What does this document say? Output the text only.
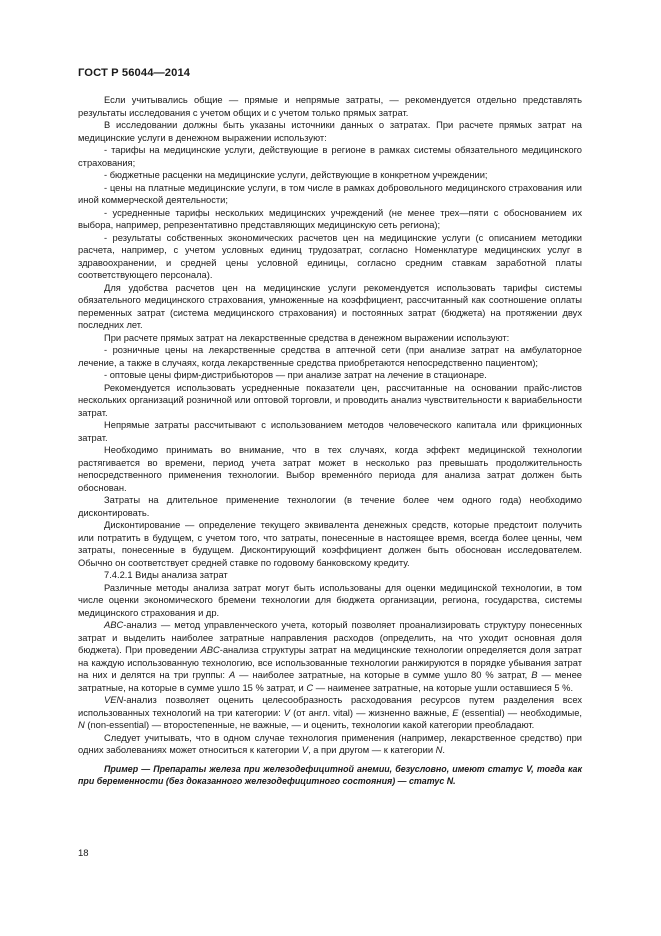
ГОСТ Р 56044—2014

Если учитывались общие — прямые и непрямые затраты, — рекомендуется отдельно представлять результаты исследования с учетом общих и с учетом только прямых затрат.

В исследовании должны быть указаны источники данных о затратах. При расчете прямых затрат на медицинские услуги в денежном выражении используют:

- тарифы на медицинские услуги, действующие в регионе в рамках системы обязательного медицинского страхования;

- бюджетные расценки на медицинские услуги, действующие в конкретном учреждении;

- цены на платные медицинские услуги, в том числе в рамках добровольного медицинского страхования или иной коммерческой деятельности;

- усредненные тарифы нескольких медицинских учреждений (не менее трех—пяти с обоснованием их выбора, например, репрезентативно представляющих медицинскую сеть региона);

- результаты собственных экономических расчетов цен на медицинские услуги (с описанием методики расчета, например, с учетом условных единиц трудозатрат, согласно Номенклатуре медицинских услуг в здравоохранении, и средней цены условной единицы, согласно средним ставкам заработной платы соответствующего персонала).

Для удобства расчетов цен на медицинские услуги рекомендуется использовать тарифы системы обязательного медицинского страхования, умноженные на коэффициент, рассчитанный как соотношение оплаты переменных затрат (система медицинского страхования) и постоянных затрат (бюджета) на протяжении двух последних лет.

При расчете прямых затрат на лекарственные средства в денежном выражении используют:

- розничные цены на лекарственные средства в аптечной сети (при анализе затрат на амбулаторное лечение, а также в случаях, когда лекарственные средства приобретаются непосредственно пациентом);

- оптовые цены фирм-дистрибьюторов — при анализе затрат на лечение в стационаре.

Рекомендуется использовать усредненные показатели цен, рассчитанные на основании прайс-листов нескольких организаций розничной или оптовой торговли, и проводить анализ чувствительности к вариабельности затрат.

Непрямые затраты рассчитывают с использованием методов человеческого капитала или фрикционных затрат.

Необходимо принимать во внимание, что в тех случаях, когда эффект медицинской технологии растягивается во времени, период учета затрат может в несколько раз превышать продолжительность непосредственного применения технологии. Выбор временнóго периода для анализа затрат должен быть обоснован.

Затраты на длительное применение технологии (в течение более чем одного года) необходимо дисконтировать.

Дисконтирование — определение текущего эквивалента денежных средств, которые предстоит получить или потратить в будущем, с учетом того, что затраты, понесенные в настоящее время, всегда более ценны, чем затраты, понесенные в будущем. Дисконтирующий коэффициент должен быть обоснован исследователем. Обычно он соответствует средней ставке по годовому банковскому кредиту.

7.4.2.1 Виды анализа затрат

Различные методы анализа затрат могут быть использованы для оценки медицинской технологии, в том числе оценки экономического бремени технологии для бюджета организации, региона, государства, системы медицинского страхования и др.

ABC-анализ — метод управленческого учета, который позволяет проанализировать структуру понесенных затрат и выделить наиболее затратные направления расходов (определить, на что уходит основная доля бюджета). При проведении ABC-анализа структуры затрат на медицинские технологии определяется доля затрат на каждую использованную технологию, все использованные технологии ранжируются в порядке убывания затрат на них и делятся на три группы: A — наиболее затратные, на которые в сумме ушло 80 % затрат, B — менее затратные, на которые в сумме ушло 15 % затрат, и C — наименее затратные, на которые ушли оставшиеся 5 %.

VEN-анализ позволяет оценить целесообразность расходования ресурсов путем разделения всех использованных технологий на три категории: V (от англ. vital) — жизненно важные, E (essential) — необходимые, N (non-essential) — второстепенные, не важные, — и оценить, технологии какой категории преобладают.

Следует учитывать, что в одном случае технология применения (например, лекарственное средство) при одних заболеваниях может относиться к категории V, а при другом — к категории N.

Пример — Препараты железа при железодефицитной анемии, безусловно, имеют статус V, тогда как при беременности (без доказанного железодефицитного состояния) — статус N.

18
